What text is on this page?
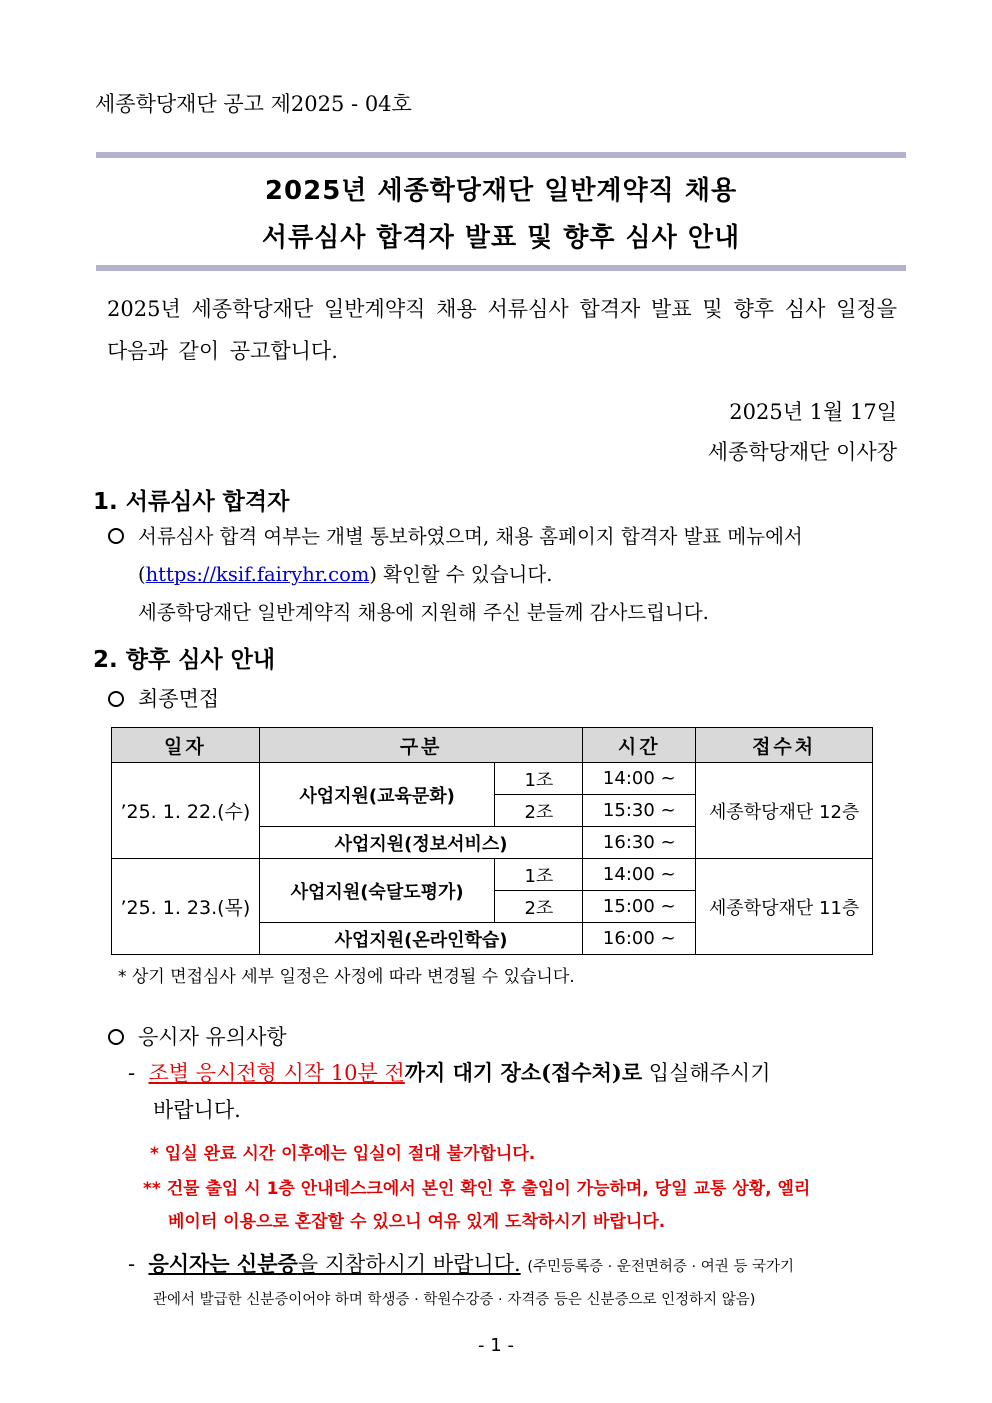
세종학당재단 공고 제2025 - 04호
2025년 세종학당재단 일반계약직 채용
서류심사 합격자 발표 및 향후 심사 안내
2025년 세종학당재단 일반계약직 채용 서류심사 합격자 발표 및 향후 심사 일정을 다음과 같이 공고합니다.
2025년 1월 17일
세종학당재단 이사장
1. 서류심사 합격자
서류심사 합격 여부는 개별 통보하였으며, 채용 홈페이지 합격자 발표 메뉴에서
(https://ksif.fairyhr.com) 확인할 수 있습니다.
세종학당재단 일반계약직 채용에 지원해 주신 분들께 감사드립니다.
2. 향후 심사 안내
최종면접
일자	구분		시간	접수처
’25. 1. 22.(수)	사업지원(교육문화)	1조	14:00 ~	세종학당재단 12층
		2조	15:30 ~	
	사업지원(정보서비스)		16:30 ~	
’25. 1. 23.(목)	사업지원(숙달도평가)	1조	14:00 ~	세종학당재단 11층
		2조	15:00 ~	
	사업지원(온라인학습)		16:00 ~	
* 상기 면접심사 세부 일정은 사정에 따라 변경될 수 있습니다.
응시자 유의사항
-  조별 응시전형 시작 10분 전까지 대기 장소(접수처)로 입실해주시기
바랍니다.
* 입실 완료 시간 이후에는 입실이 절대 불가합니다.
** 건물 출입 시 1층 안내데스크에서 본인 확인 후 출입이 가능하며, 당일 교통 상황, 엘리
베이터 이용으로 혼잡할 수 있으니 여유 있게 도착하시기 바랍니다.
-  응시자는 신분증을 지참하시기 바랍니다. (주민등록증 · 운전면허증 · 여권 등 국가기
관에서 발급한 신분증이어야 하며 학생증 · 학원수강증 · 자격증 등은 신분증으로 인정하지 않음)
- 1 -
